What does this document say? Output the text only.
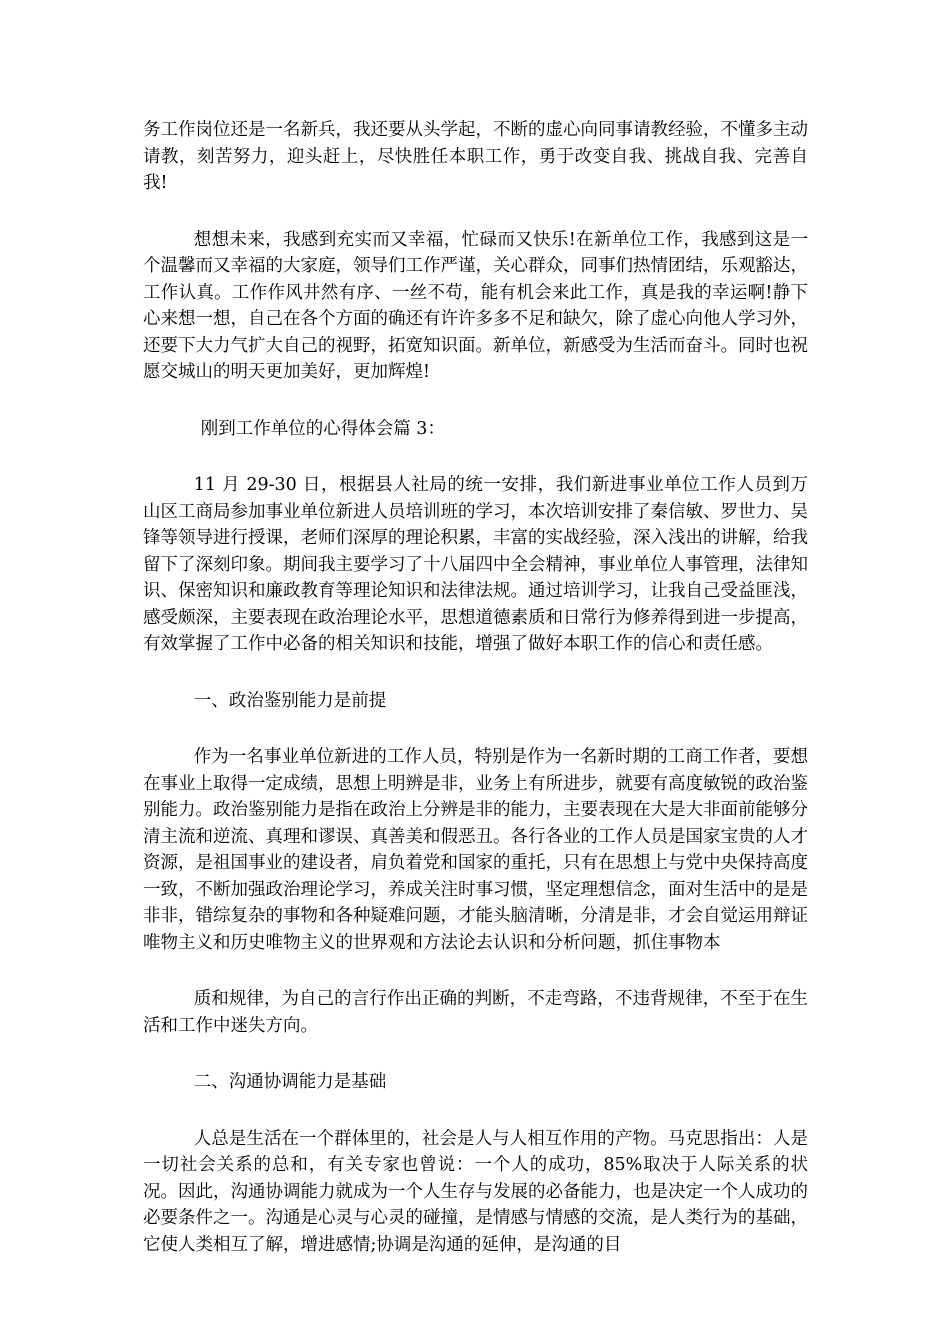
务工作岗位还是一名新兵，我还要从头学起，不断的虚心向同事请教经验，不懂多主动请教，刻苦努力，迎头赶上，尽快胜任本职工作，勇于改变自我、挑战自我、完善自我!

想想未来，我感到充实而又幸福，忙碌而又快乐!在新单位工作，我感到这是一个温馨而又幸福的大家庭，领导们工作严谨，关心群众，同事们热情团结，乐观豁达，工作认真。工作作风井然有序、一丝不苟，能有机会来此工作，真是我的幸运啊!静下心来想一想，自己在各个方面的确还有许许多多不足和缺欠，除了虚心向他人学习外，还要下大力气扩大自己的视野，拓宽知识面。新单位，新感受为生活而奋斗。同时也祝愿交城山的明天更加美好，更加辉煌!

刚到工作单位的心得体会篇 3：

11 月 29-30 日，根据县人社局的统一安排，我们新进事业单位工作人员到万山区工商局参加事业单位新进人员培训班的学习，本次培训安排了秦信敏、罗世力、吴锋等领导进行授课，老师们深厚的理论积累，丰富的实战经验，深入浅出的讲解，给我留下了深刻印象。期间我主要学习了十八届四中全会精神，事业单位人事管理，法律知识、保密知识和廉政教育等理论知识和法律法规。通过培训学习，让我自己受益匪浅，感受颇深，主要表现在政治理论水平，思想道德素质和日常行为修养得到进一步提高，有效掌握了工作中必备的相关知识和技能，增强了做好本职工作的信心和责任感。

一、政治鉴别能力是前提

作为一名事业单位新进的工作人员，特别是作为一名新时期的工商工作者，要想在事业上取得一定成绩，思想上明辨是非，业务上有所进步，就要有高度敏锐的政治鉴别能力。政治鉴别能力是指在政治上分辨是非的能力，主要表现在大是大非面前能够分清主流和逆流、真理和谬误、真善美和假恶丑。各行各业的工作人员是国家宝贵的人才资源，是祖国事业的建设者，肩负着党和国家的重托，只有在思想上与党中央保持高度一致，不断加强政治理论学习，养成关注时事习惯，坚定理想信念，面对生活中的是是非非，错综复杂的事物和各种疑难问题，才能头脑清晰，分清是非，才会自觉运用辩证唯物主义和历史唯物主义的世界观和方法论去认识和分析问题，抓住事物本

质和规律，为自己的言行作出正确的判断，不走弯路，不违背规律，不至于在生活和工作中迷失方向。

二、沟通协调能力是基础

人总是生活在一个群体里的，社会是人与人相互作用的产物。马克思指出：人是一切社会关系的总和，有关专家也曾说：一个人的成功，85%取决于人际关系的状况。因此，沟通协调能力就成为一个人生存与发展的必备能力，也是决定一个人成功的必要条件之一。沟通是心灵与心灵的碰撞，是情感与情感的交流，是人类行为的基础，它使人类相互了解，增进感情;协调是沟通的延伸，是沟通的目
